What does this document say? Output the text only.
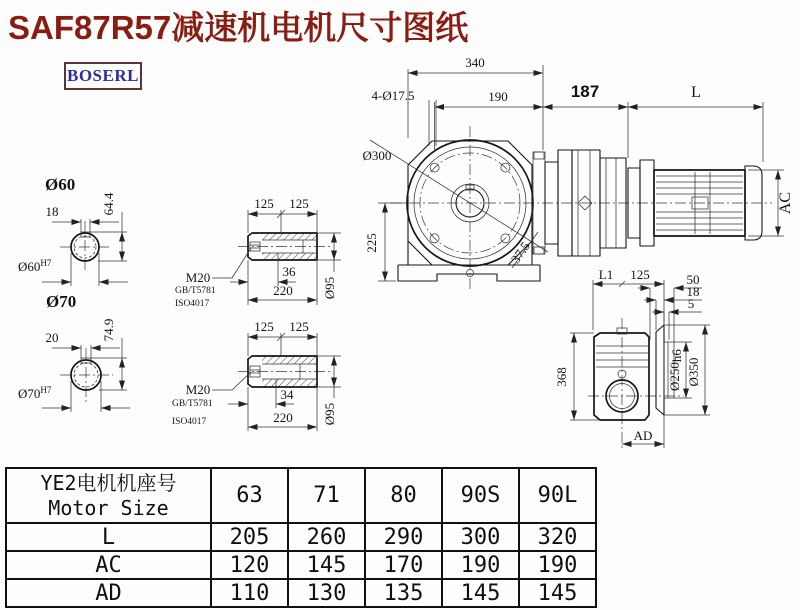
18	64.4
Ø60
$Ø60^{H7}$
20	74.9
Ø70
$Ø70^{H7}$
125 125
36
220 Ø95
M20
GB/T5781
ISO4017
125 125
34
220 Ø95
M20
GB/T5781
ISO4017
Ø300
37.5
340
190
4-Ø17.5
225
187	L
AC
L1 125	50
18
5
Ø250h6
Ø350
368
AD
SAF87R57减速机电机尺寸图纸
BOSERL
YE2电机机座号
Motor Size	63	71	80	90S	90L
L	205	260	290	300	320
AC	120	145	170	190	190
AD	110	130	135	145	145
